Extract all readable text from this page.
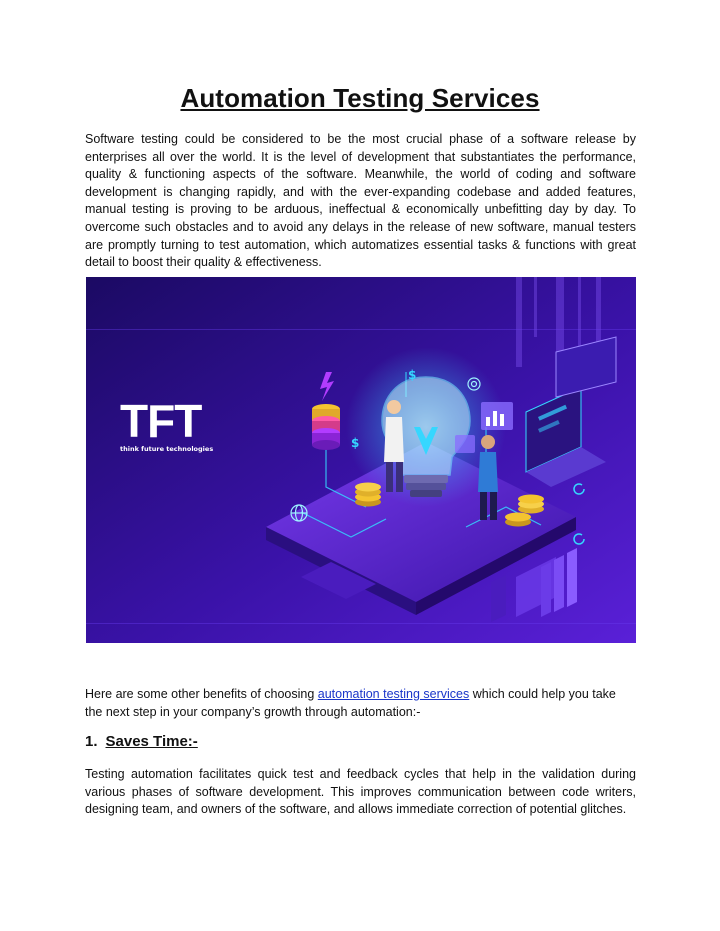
Automation Testing Services

Software testing could be considered to be the most crucial phase of a software release by enterprises all over the world. It is the level of development that substantiates the performance, quality & functioning aspects of the software. Meanwhile, the world of coding and software development is changing rapidly, and with the ever-expanding codebase and added features, manual testing is proving to be arduous, ineffectual & economically unbefitting day by day. To overcome such obstacles and to avoid any delays in the release of new software, manual testers are promptly turning to test automation, which automatizes essential tasks & functions with great detail to boost their quality & effectiveness.

TFT
think future technologies
$
$

Here are some other benefits of choosing automation testing services which could help you take the next step in your company’s growth through automation:-

1. Saves Time:-

Testing automation facilitates quick test and feedback cycles that help in the validation during various phases of software development. This improves communication between code writers, designing team, and owners of the software, and allows immediate correction of potential glitches.
